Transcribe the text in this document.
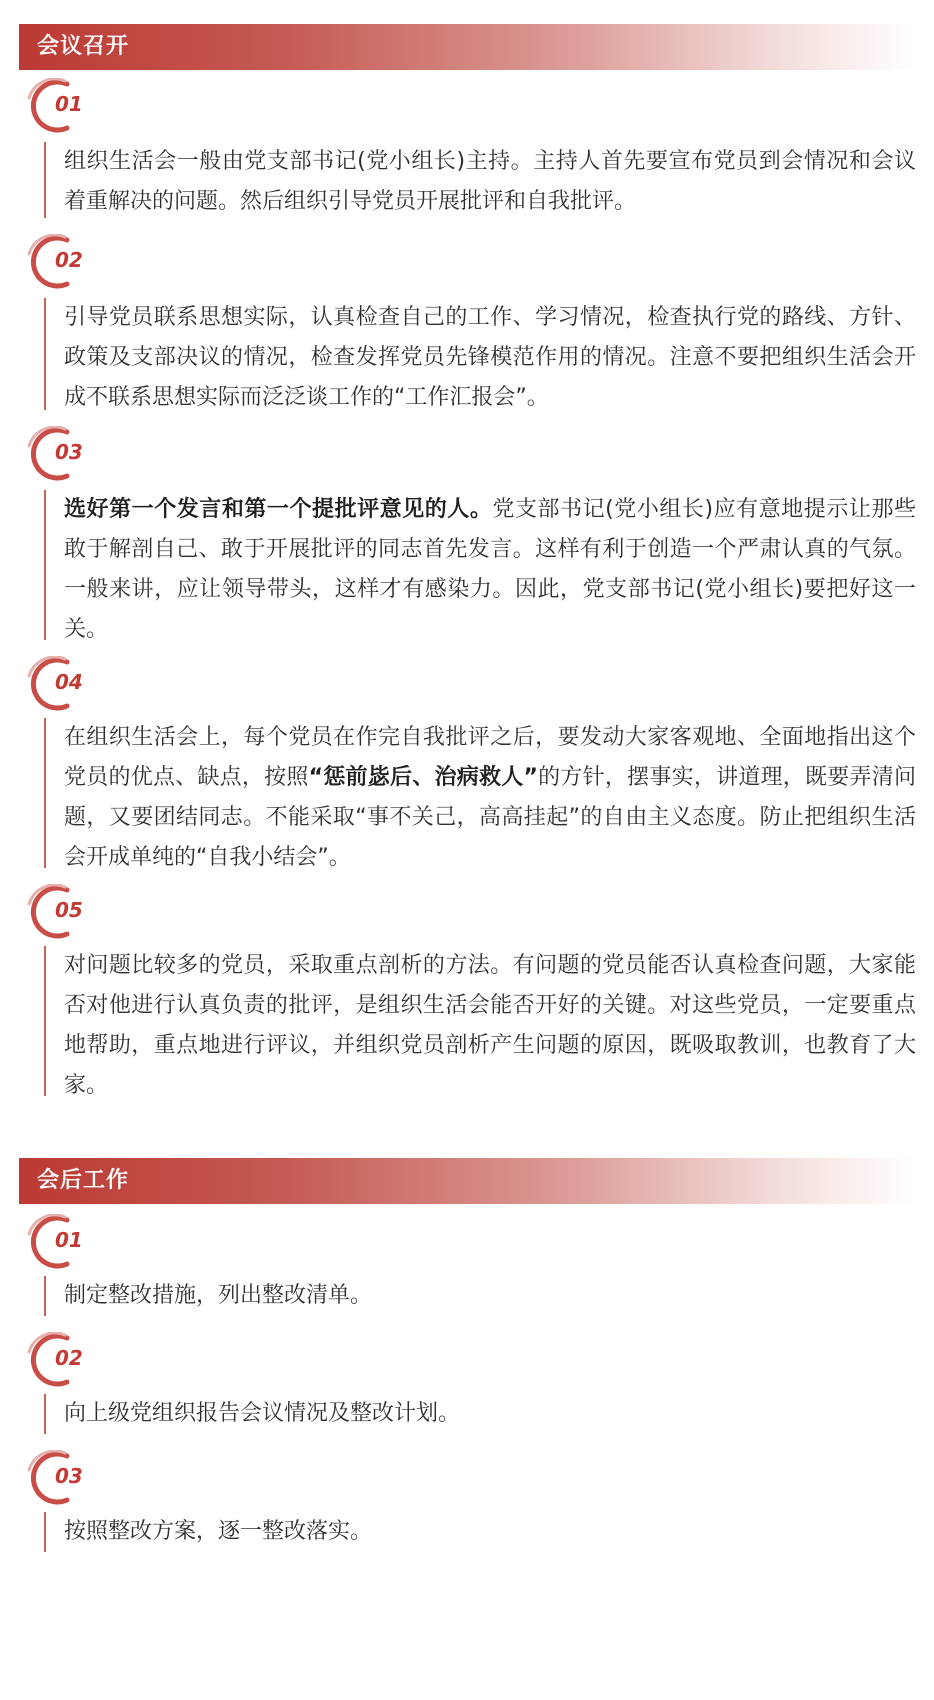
会议召开
01

组织生活会一般由党支部书记(党小组长)主持。主持人首先要宣布党员到会情况和会议着重解决的问题。然后组织引导党员开展批评和自我批评。

02

引导党员联系思想实际，认真检查自己的工作、学习情况，检查执行党的路线、方针、政策及支部决议的情况，检查发挥党员先锋模范作用的情况。注意不要把组织生活会开成不联系思想实际而泛泛谈工作的“工作汇报会”。

03

选好第一个发言和第一个提批评意见的人。党支部书记(党小组长)应有意地提示让那些敢于解剖自己、敢于开展批评的同志首先发言。这样有利于创造一个严肃认真的气氛。一般来讲，应让领导带头，这样才有感染力。因此，党支部书记(党小组长)要把好这一关。

04

在组织生活会上，每个党员在作完自我批评之后，要发动大家客观地、全面地指出这个党员的优点、缺点，按照“惩前毖后、治病救人”的方针，摆事实，讲道理，既要弄清问题，又要团结同志。不能采取“事不关己，高高挂起”的自由主义态度。防止把组织生活会开成单纯的“自我小结会”。

05

对问题比较多的党员，采取重点剖析的方法。有问题的党员能否认真检查问题，大家能否对他进行认真负责的批评，是组织生活会能否开好的关键。对这些党员，一定要重点地帮助，重点地进行评议，并组织党员剖析产生问题的原因，既吸取教训，也教育了大家。

会后工作
01

制定整改措施，列出整改清单。

02

向上级党组织报告会议情况及整改计划。

03

按照整改方案，逐一整改落实。
